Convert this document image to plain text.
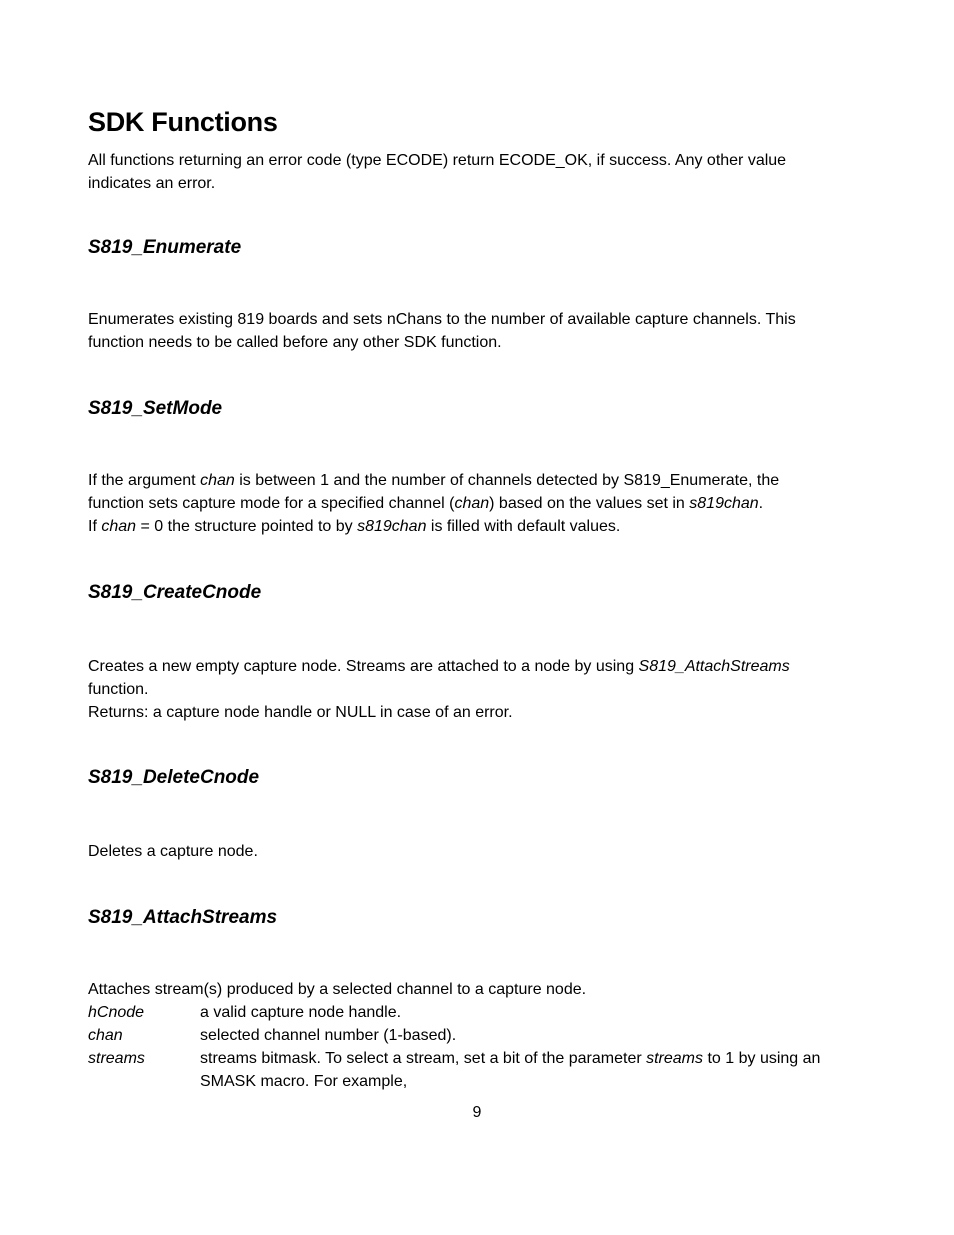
SDK Functions
All functions returning an error code (type ECODE) return ECODE_OK, if success. Any other value
indicates an error.
S819_Enumerate
Enumerates existing 819 boards and sets nChans to the number of available capture channels. This
function needs to be called before any other SDK function.
S819_SetMode
If the argument chan is between 1 and the number of channels detected by S819_Enumerate, the
function sets capture mode for a specified channel (chan) based on the values set in s819chan.
If chan = 0 the structure pointed to by s819chan is filled with default values.
S819_CreateCnode
Creates a new empty capture node. Streams are attached to a node by using S819_AttachStreams
function.
Returns: a capture node handle or NULL in case of an error.
S819_DeleteCnode
Deletes a capture node.
S819_AttachStreams
Attaches stream(s) produced by a selected channel to a capture node.
hCnode	a valid capture node handle.
chan	selected channel number (1-based).
streams	streams bitmask. To select a stream, set a bit of the parameter streams to 1 by using an
SMASK macro. For example,
9
